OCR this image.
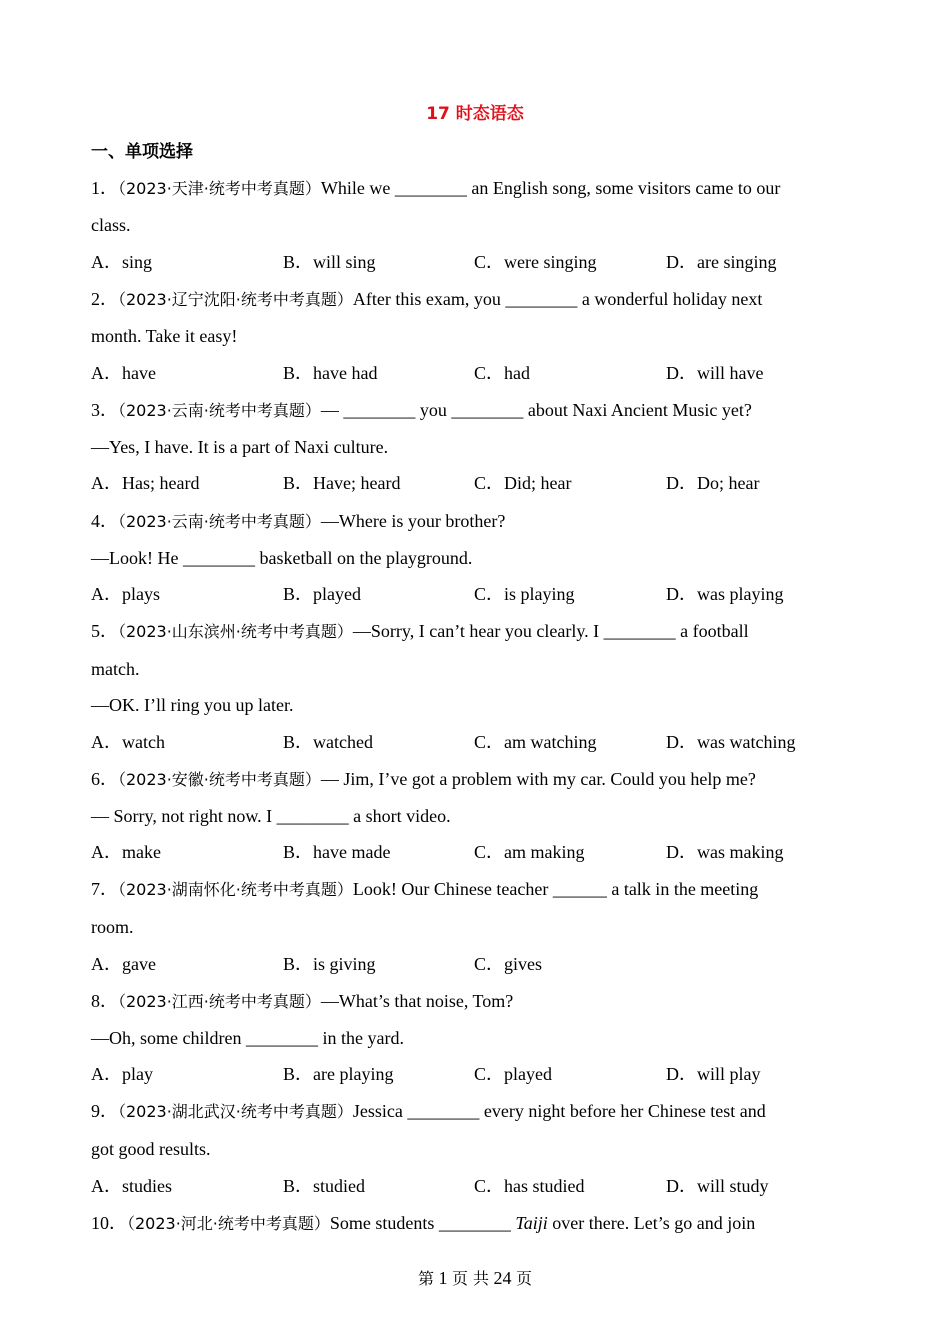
17 时态语态
一、单项选择
1．（2023·天津·统考中考真题）While we ________ an English song, some visitors came to our
class.
A．sing	B．will sing	C．were singing	D．are singing
2．（2023·辽宁沈阳·统考中考真题）After this exam, you ________ a wonderful holiday next
month. Take it easy!
A．have	B．have had	C．had	D．will have
3．（2023·云南·统考中考真题）— ________ you ________ about Naxi Ancient Music yet?
—Yes, I have. It is a part of Naxi culture.
A．Has; heard	B．Have; heard	C．Did; hear	D．Do; hear
4．（2023·云南·统考中考真题）—Where is your brother?
—Look! He ________ basketball on the playground.
A．plays	B．played	C．is playing	D．was playing
5．（2023·山东滨州·统考中考真题）—Sorry, I can’t hear you clearly. I ________ a football
match.
—OK. I’ll ring you up later.
A．watch	B．watched	C．am watching	D．was watching
6．（2023·安徽·统考中考真题）— Jim, I’ve got a problem with my car. Could you help me?
— Sorry, not right now. I ________ a short video.
A．make	B．have made	C．am making	D．was making
7．（2023·湖南怀化·统考中考真题）Look! Our Chinese teacher ______ a talk in the meeting
room.
A．gave	B．is giving	C．gives
8．（2023·江西·统考中考真题）—What’s that noise, Tom?
—Oh, some children ________ in the yard.
A．play	B．are playing	C．played	D．will play
9．（2023·湖北武汉·统考中考真题）Jessica ________ every night before her Chinese test and
got good results.
A．studies	B．studied	C．has studied	D．will study
10．（2023·河北·统考中考真题）Some students ________ Taiji over there. Let’s go and join
第 1 页 共 24 页
